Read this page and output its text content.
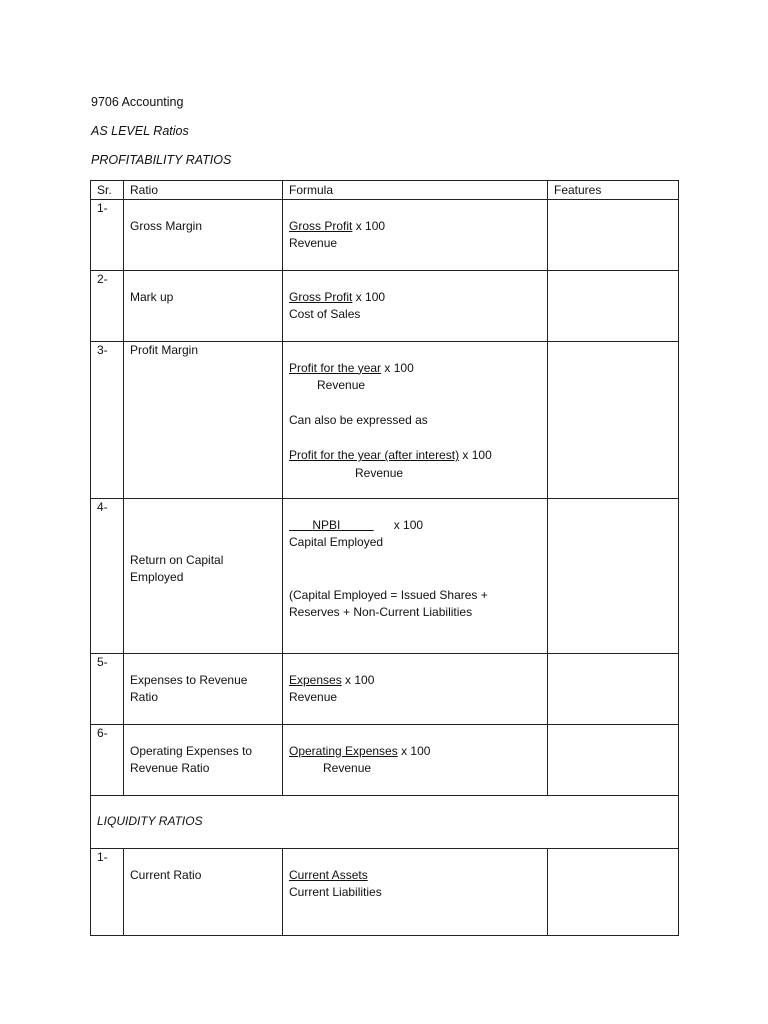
9706 Accounting

AS LEVEL Ratios

PROFITABILITY RATIOS

Sr.	Ratio	Formula	Features
1-	Gross Margin	Gross Profit x 100
Revenue	

2-	Mark up	Gross Profit x 100
Cost of Sales	

3-	Profit Margin	Profit for the year x 100
Revenue
Can also be expressed as
Profit for the year (after interest) x 100
Revenue	

4-	Return on Capital Employed	NPBI x 100
Capital Employed
(Capital Employed = Issued Shares + Reserves + Non-Current Liabilities	
5-	Expenses to Revenue Ratio	Expenses x 100
Revenue	

6-	Operating Expenses to Revenue Ratio	Operating Expenses x 100
Revenue	

LIQUIDITY RATIOS			
1-	Current Ratio	Current Assets
Current Liabilities	
